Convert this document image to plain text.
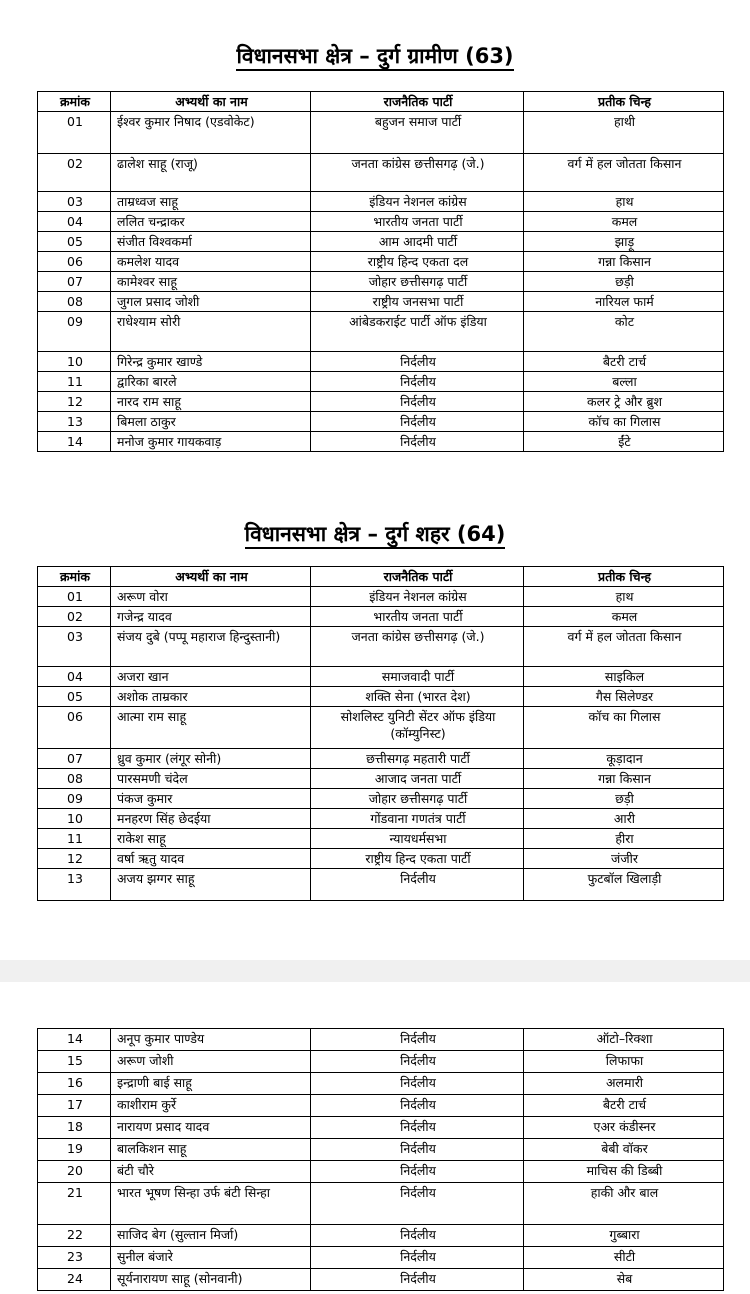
विधानसभा क्षेत्र – दुर्ग ग्रामीण (63)
क्रमांक	अभ्यर्थी का नाम	राजनैतिक पार्टी	प्रतीक चिन्ह
01	ईश्वर कुमार निषाद (एडवोकेट)	बहुजन समाज पार्टी	हाथी
02	ढालेश साहू (राजू)	जनता कांग्रेस छत्तीसगढ़ (जे.)	वर्ग में हल जोतता किसान
03	ताम्रध्वज साहू	इंडियन नेशनल कांग्रेस	हाथ
04	ललित चन्द्राकर	भारतीय जनता पार्टी	कमल
05	संजीत विश्वकर्मा	आम आदमी पार्टी	झाड़ू
06	कमलेश यादव	राष्ट्रीय हिन्द एकता दल	गन्ना किसान
07	कामेश्वर साहू	जोहार छत्तीसगढ़ पार्टी	छड़ी
08	जुगल प्रसाद जोशी	राष्ट्रीय जनसभा पार्टी	नारियल फार्म
09	राधेश्याम सोरी	आंबेडकराईट पार्टी ऑफ इंडिया	कोट
10	गिरेन्द्र कुमार खाण्डे	निर्दलीय	बैटरी टार्च
11	द्वारिका बारले	निर्दलीय	बल्ला
12	नारद राम साहू	निर्दलीय	कलर ट्रे और ब्रुश
13	बिमला ठाकुर	निर्दलीय	कॉच का गिलास
14	मनोज कुमार गायकवाड़	निर्दलीय	ईंटे
विधानसभा क्षेत्र – दुर्ग शहर (64)
क्रमांक	अभ्यर्थी का नाम	राजनैतिक पार्टी	प्रतीक चिन्ह
01	अरूण वोरा	इंडियन नेशनल कांग्रेस	हाथ
02	गजेन्द्र यादव	भारतीय जनता पार्टी	कमल
03	संजय दुबे (पप्पू महाराज हिन्दुस्तानी)	जनता कांग्रेस छत्तीसगढ़ (जे.)	वर्ग में हल जोतता किसान
04	अजरा खान	समाजवादी पार्टी	साइकिल
05	अशोक ताम्रकार	शक्ति सेना (भारत देश)	गैस सिलेण्डर
06	आत्मा राम साहू	सोशलिस्ट युनिटी सेंटर ऑफ इंडिया (कॉम्युनिस्ट)	कॉच का गिलास
07	ध्रुव कुमार (लंगूर सोनी)	छत्तीसगढ़ महतारी पार्टी	कूड़ादान
08	पारसमणी चंदेल	आजाद जनता पार्टी	गन्ना किसान
09	पंकज कुमार	जोहार छत्तीसगढ़ पार्टी	छड़ी
10	मनहरण सिंह छेदईया	गोंडवाना गणतंत्र पार्टी	आरी
11	राकेश साहू	न्यायधर्मसभा	हीरा
12	वर्षा ऋतु यादव	राष्ट्रीय हिन्द एकता पार्टी	जंजीर
13	अजय झग्गर साहू	निर्दलीय	फुटबॉल खिलाड़ी
14	अनूप कुमार पाण्डेय	निर्दलीय	ऑटो–रिक्शा
15	अरूण जोशी	निर्दलीय	लिफाफा
16	इन्द्राणी बाई साहू	निर्दलीय	अलमारी
17	काशीराम कुर्रे	निर्दलीय	बैटरी टार्च
18	नारायण प्रसाद यादव	निर्दलीय	एअर कंडीस्नर
19	बालकिशन साहू	निर्दलीय	बेबी वॉकर
20	बंटी चौरे	निर्दलीय	माचिस की डिब्बी
21	भारत भूषण सिन्हा उर्फ बंटी सिन्हा	निर्दलीय	हाकी और बाल
22	साजिद बेग (सुल्तान मिर्जा)	निर्दलीय	गुब्बारा
23	सुनील बंजारे	निर्दलीय	सीटी
24	सूर्यनारायण साहू (सोनवानी)	निर्दलीय	सेब
